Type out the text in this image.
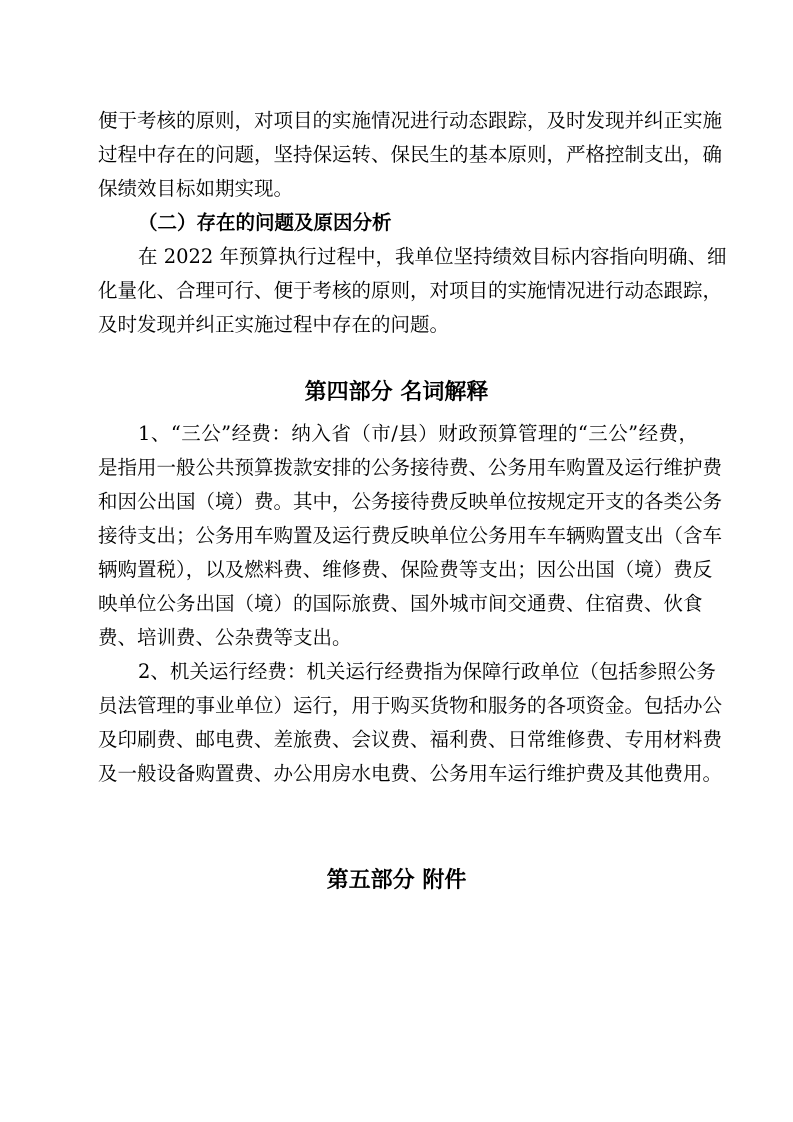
便于考核的原则，对项目的实施情况进行动态跟踪，及时发现并纠正实施
过程中存在的问题，坚持保运转、保民生的基本原则，严格控制支出，确
保绩效目标如期实现。
（二）存在的问题及原因分析
在 2022 年预算执行过程中，我单位坚持绩效目标内容指向明确、细
化量化、合理可行、便于考核的原则，对项目的实施情况进行动态跟踪，
及时发现并纠正实施过程中存在的问题。
第四部分 名词解释
1、“三公”经费：纳入省（市/县）财政预算管理的“三公”经费，
是指用一般公共预算拨款安排的公务接待费、公务用车购置及运行维护费
和因公出国（境）费。其中，公务接待费反映单位按规定开支的各类公务
接待支出；公务用车购置及运行费反映单位公务用车车辆购置支出（含车
辆购置税），以及燃料费、维修费、保险费等支出；因公出国（境）费反
映单位公务出国（境）的国际旅费、国外城市间交通费、住宿费、伙食
费、培训费、公杂费等支出。
2、机关运行经费：机关运行经费指为保障行政单位（包括参照公务
员法管理的事业单位）运行，用于购买货物和服务的各项资金。包括办公
及印刷费、邮电费、差旅费、会议费、福利费、日常维修费、专用材料费
及一般设备购置费、办公用房水电费、公务用车运行维护费及其他费用。
第五部分 附件
